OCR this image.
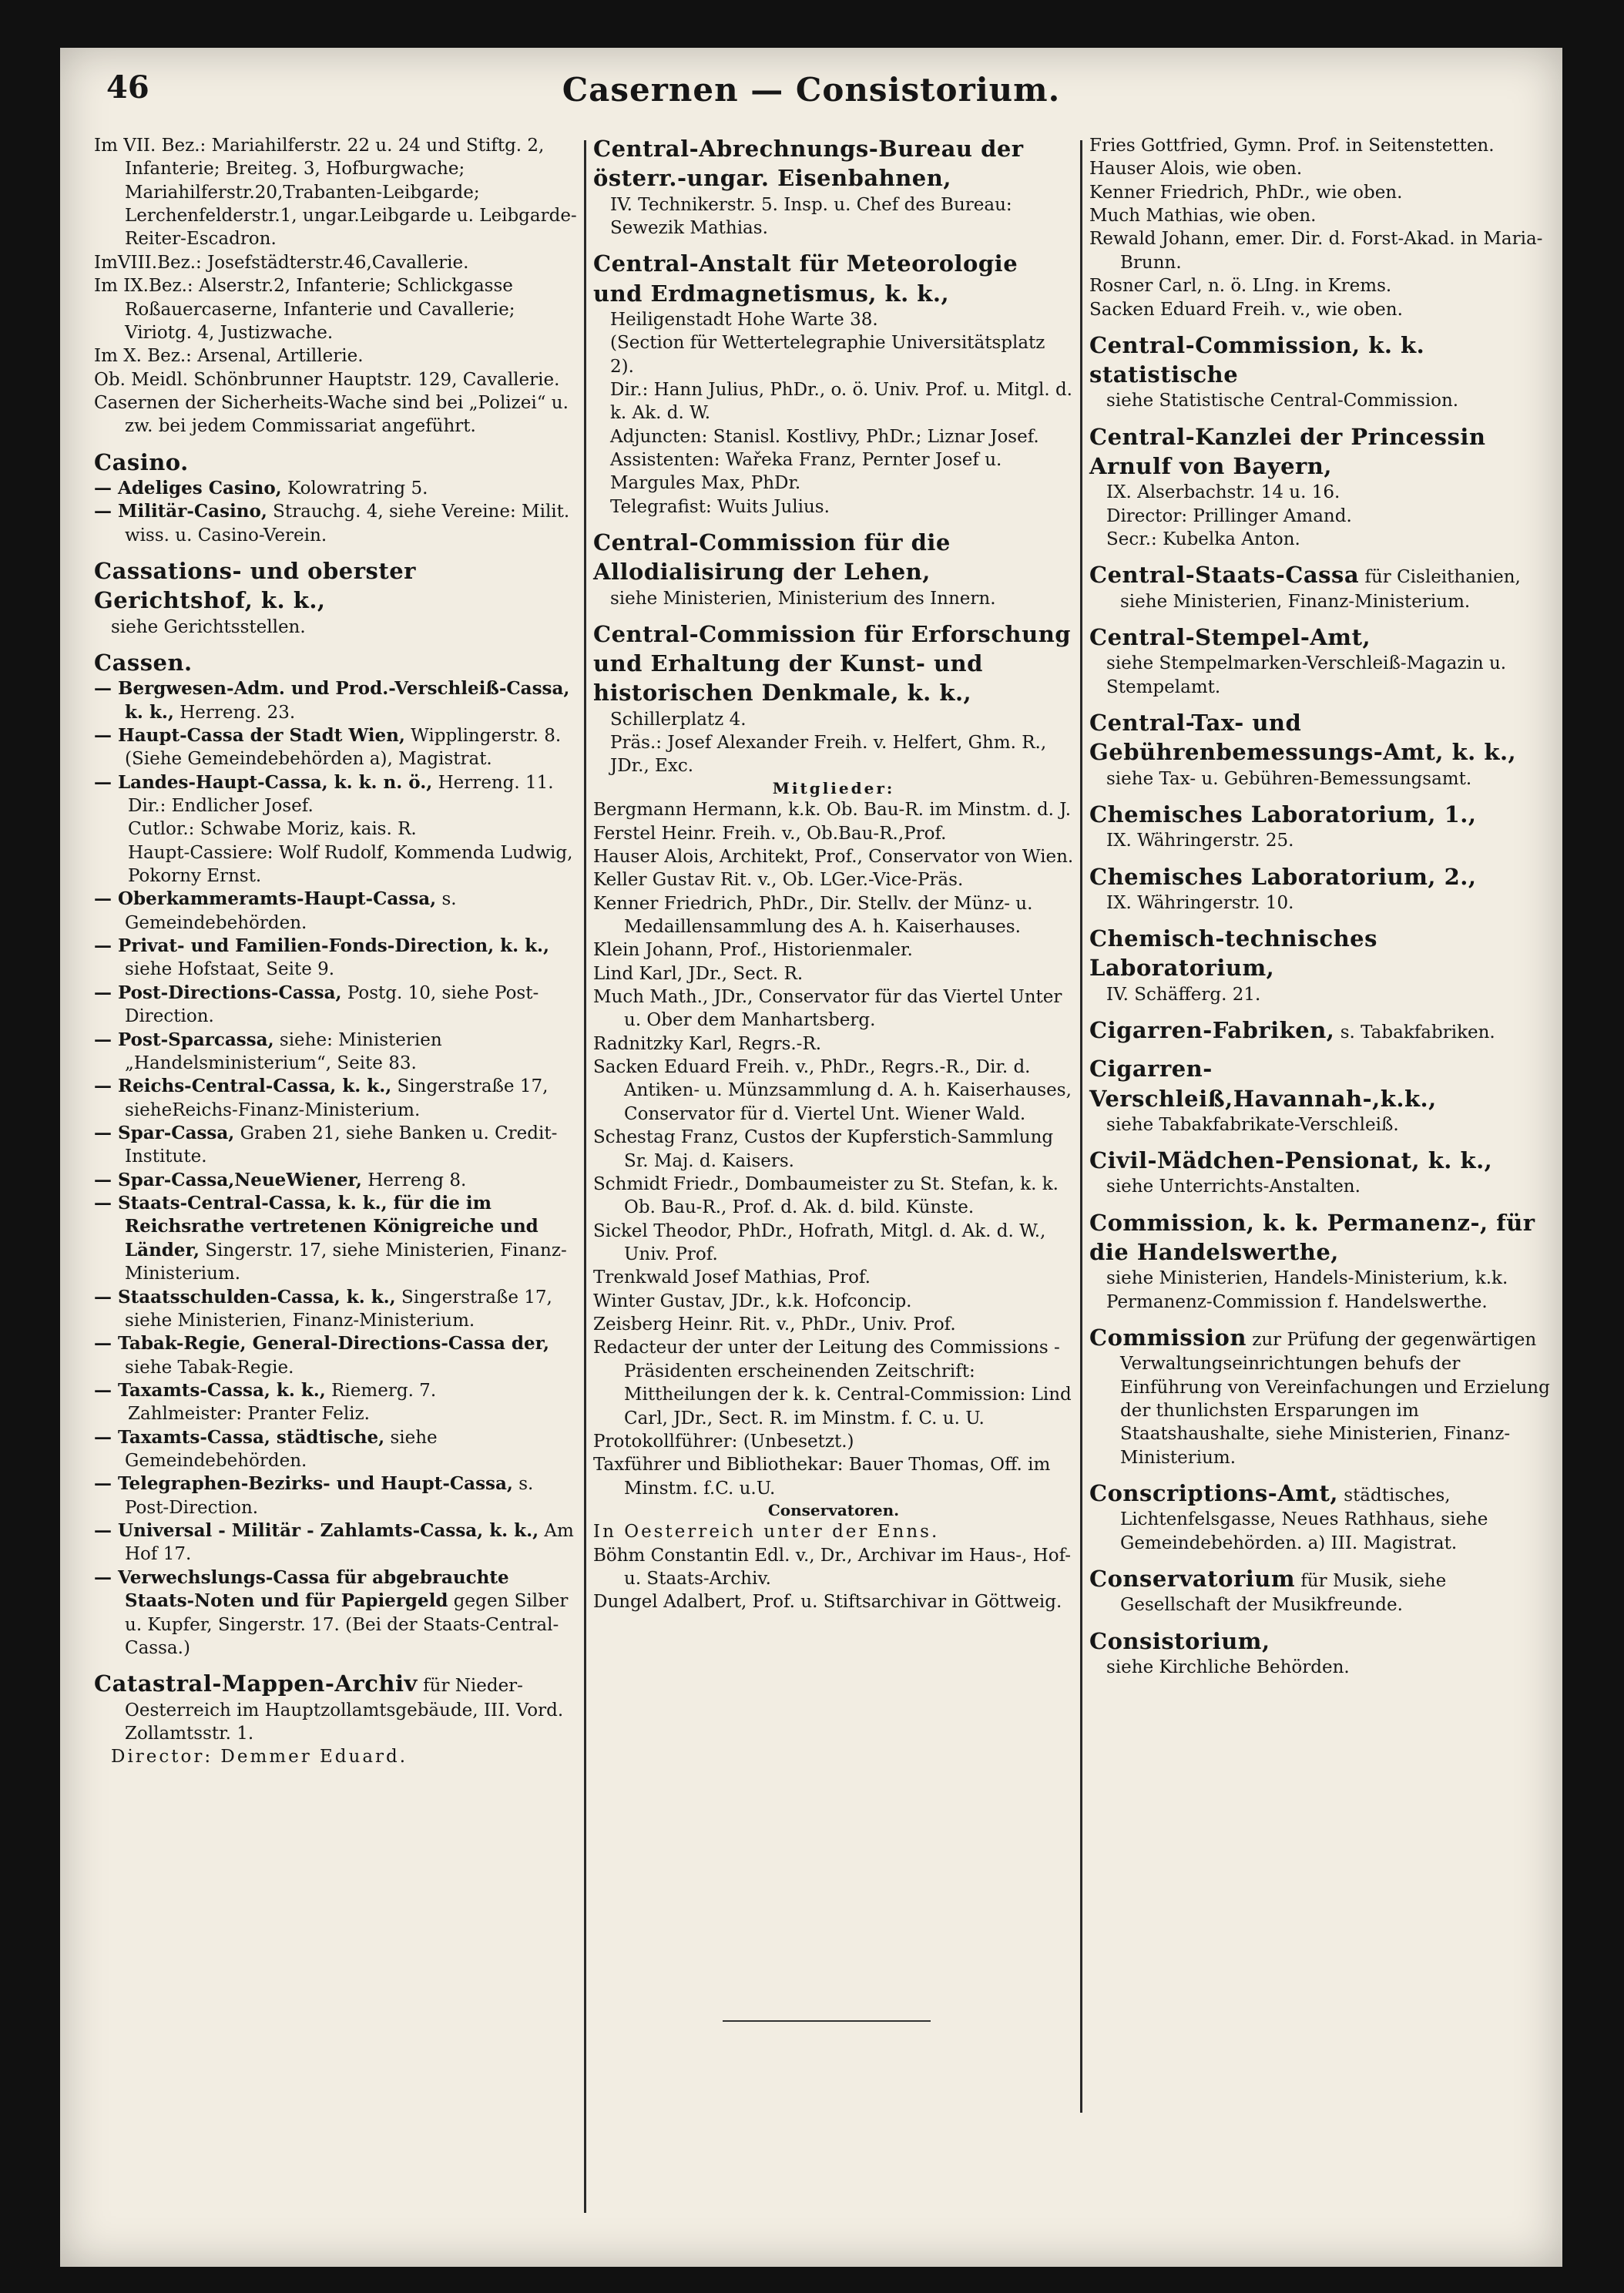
46	Casernen — Consistorium.

Im VII. Bez.: Mariahilferstr. 22 u. 24 und Stiftg. 2, Infanterie; Breiteg. 3, Hofburgwache; Mariahilferstr.20,Trabanten-Leibgarde; Lerchenfelderstr.1, ungar.Leibgarde u. Leibgarde-Reiter-Escadron.

ImVIII.Bez.: Josefstädterstr.46,Cavallerie.

Im IX.Bez.: Alserstr.2, Infanterie; Schlickgasse Roßauercaserne, Infanterie und Cavallerie; Viriotg. 4, Justizwache.

Im X. Bez.: Arsenal, Artillerie.

Ob. Meidl. Schönbrunner Hauptstr. 129, Cavallerie.

Casernen der Sicherheits-Wache sind bei „Polizei“ u. zw. bei jedem Commissariat angeführt.

Casino.

— Adeliges Casino, Kolowratring 5.

— Militär-Casino, Strauchg. 4, siehe Vereine: Milit. wiss. u. Casino-Verein.

Cassations- und oberster Gerichtshof, k. k.,

siehe Gerichtsstellen.

Cassen.

— Bergwesen-Adm. und Prod.-Verschleiß-Cassa, k. k., Herreng. 23.

— Haupt-Cassa der Stadt Wien, Wipplingerstr. 8. (Siehe Gemeindebehörden a), Magistrat.

— Landes-Haupt-Cassa, k. k. n. ö., Herreng. 11.

Dir.: Endlicher Josef.

Cutlor.: Schwabe Moriz, kais. R.

Haupt-Cassiere: Wolf Rudolf, Kommenda Ludwig, Pokorny Ernst.

— Oberkammeramts-Haupt-Cassa, s. Gemeindebehörden.

— Privat- und Familien-Fonds-Direction, k. k., siehe Hofstaat, Seite 9.

— Post-Directions-Cassa, Postg. 10, siehe Post-Direction.

— Post-Sparcassa, siehe: Ministerien „Handelsministerium“, Seite 83.

— Reichs-Central-Cassa, k. k., Singerstraße 17, sieheReichs-Finanz-Ministerium.

— Spar-Cassa, Graben 21, siehe Banken u. Credit-Institute.

— Spar-Cassa,NeueWiener, Herreng 8.

— Staats-Central-Cassa, k. k., für die im Reichsrathe vertretenen Königreiche und Länder, Singerstr. 17, siehe Ministerien, Finanz-Ministerium.

— Staatsschulden-Cassa, k. k., Singerstraße 17, siehe Ministerien, Finanz-Ministerium.

— Tabak-Regie, General-Directions-Cassa der, siehe Tabak-Regie.

— Taxamts-Cassa, k. k., Riemerg. 7.

Zahlmeister: Pranter Feliz.

— Taxamts-Cassa, städtische, siehe Gemeindebehörden.

— Telegraphen-Bezirks- und Haupt-Cassa, s. Post-Direction.

— Universal - Militär - Zahlamts-Cassa, k. k., Am Hof 17.

— Verwechslungs-Cassa für abgebrauchte Staats-Noten und für Papiergeld gegen Silber u. Kupfer, Singerstr. 17. (Bei der Staats-Central-Cassa.)

Catastral-Mappen-Archiv für Nieder-Oesterreich im Hauptzollamtsgebäude, III. Vord. Zollamtsstr. 1.

Director: Demmer Eduard.

Central-Abrechnungs-Bureau der österr.-ungar. Eisenbahnen,

IV. Technikerstr. 5. Insp. u. Chef des Bureau: Sewezik Mathias.

Central-Anstalt für Meteorologie und Erdmagnetismus, k. k.,

Heiligenstadt Hohe Warte 38.

(Section für Wettertelegraphie Universitätsplatz 2).

Dir.: Hann Julius, PhDr., o. ö. Univ. Prof. u. Mitgl. d. k. Ak. d. W.

Adjuncten: Stanisl. Kostlivy, PhDr.; Liznar Josef.

Assistenten: Wařeka Franz, Pernter Josef u. Margules Max, PhDr.

Telegrafist: Wuits Julius.

Central-Commission für die Allodialisirung der Lehen,

siehe Ministerien, Ministerium des Innern.

Central-Commission für Erforschung und Erhaltung der Kunst- und historischen Denkmale, k. k.,

Schillerplatz 4.

Präs.: Josef Alexander Freih. v. Helfert, Ghm. R., JDr., Exc.

Mitglieder:

Bergmann Hermann, k.k. Ob. Bau-R. im Minstm. d. J.

Ferstel Heinr. Freih. v., Ob.Bau-R.,Prof.

Hauser Alois, Architekt, Prof., Conservator von Wien.

Keller Gustav Rit. v., Ob. LGer.-Vice-Präs.

Kenner Friedrich, PhDr., Dir. Stellv. der Münz- u. Medaillensammlung des A. h. Kaiserhauses.

Klein Johann, Prof., Historienmaler.

Lind Karl, JDr., Sect. R.

Much Math., JDr., Conservator für das Viertel Unter u. Ober dem Manhartsberg.

Radnitzky Karl, Regrs.-R.

Sacken Eduard Freih. v., PhDr., Regrs.-R., Dir. d. Antiken- u. Münzsammlung d. A. h. Kaiserhauses, Conservator für d. Viertel Unt. Wiener Wald.

Schestag Franz, Custos der Kupferstich-Sammlung Sr. Maj. d. Kaisers.

Schmidt Friedr., Dombaumeister zu St. Stefan, k. k. Ob. Bau-R., Prof. d. Ak. d. bild. Künste.

Sickel Theodor, PhDr., Hofrath, Mitgl. d. Ak. d. W., Univ. Prof.

Trenkwald Josef Mathias, Prof.

Winter Gustav, JDr., k.k. Hofconcip.

Zeisberg Heinr. Rit. v., PhDr., Univ. Prof.

Redacteur der unter der Leitung des Commissions - Präsidenten erscheinenden Zeitschrift: Mittheilungen der k. k. Central-Commission: Lind Carl, JDr., Sect. R. im Minstm. f. C. u. U.

Protokollführer: (Unbesetzt.)

Taxführer und Bibliothekar: Bauer Thomas, Off. im Minstm. f.C. u.U.

Conservatoren.

In Oesterreich unter der Enns.

Böhm Constantin Edl. v., Dr., Archivar im Haus-, Hof- u. Staats-Archiv.

Dungel Adalbert, Prof. u. Stiftsarchivar in Göttweig.

Fries Gottfried, Gymn. Prof. in Seitenstetten.

Hauser Alois, wie oben.

Kenner Friedrich, PhDr., wie oben.

Much Mathias, wie oben.

Rewald Johann, emer. Dir. d. Forst-Akad. in Maria-Brunn.

Rosner Carl, n. ö. LIng. in Krems.

Sacken Eduard Freih. v., wie oben.

Central-Commission, k. k. statistische

siehe Statistische Central-Commission.

Central-Kanzlei der Princessin Arnulf von Bayern,

IX. Alserbachstr. 14 u. 16.

Director: Prillinger Amand.

Secr.: Kubelka Anton.

Central-Staats-Cassa für Cisleithanien, siehe Ministerien, Finanz-Ministerium.

Central-Stempel-Amt,

siehe Stempelmarken-Verschleiß-Magazin u. Stempelamt.

Central-Tax- und Gebührenbemessungs-Amt, k. k.,

siehe Tax- u. Gebühren-Bemessungsamt.

Chemisches Laboratorium, 1.,

IX. Währingerstr. 25.

Chemisches Laboratorium, 2.,

IX. Währingerstr. 10.

Chemisch-technisches Laboratorium,

IV. Schäfferg. 21.

Cigarren-Fabriken, s. Tabakfabriken.

Cigarren-Verschleiß,Havannah-,k.k.,

siehe Tabakfabrikate-Verschleiß.

Civil-Mädchen-Pensionat, k. k.,

siehe Unterrichts-Anstalten.

Commission, k. k. Permanenz-, für die Handelswerthe,

siehe Ministerien, Handels-Ministerium, k.k. Permanenz-Commission f. Handelswerthe.

Commission zur Prüfung der gegenwärtigen Verwaltungseinrichtungen behufs der Einführung von Vereinfachungen und Erzielung der thunlichsten Ersparungen im Staatshaushalte, siehe Ministerien, Finanz-Ministerium.

Conscriptions-Amt, städtisches, Lichtenfelsgasse, Neues Rathhaus, siehe Gemeindebehörden. a) III. Magistrat.

Conservatorium für Musik, siehe Gesellschaft der Musikfreunde.

Consistorium,

siehe Kirchliche Behörden.
